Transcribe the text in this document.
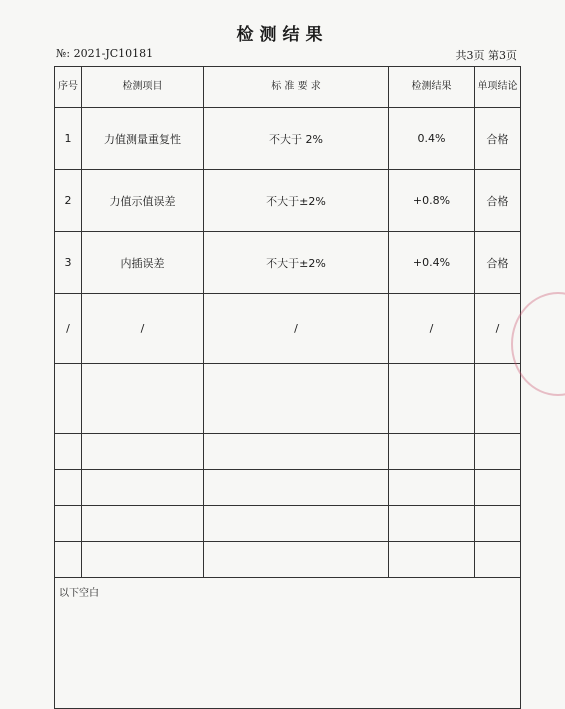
检测结果
№: 2021-JC10181	共3页 第3页
序号	检测项目	标 准 要 求	检测结果	单项结论
1	力值测量重复性	不大于 2%	0.4%	合格
2	力值示值误差	不大于±2%	+0.8%	合格
3	内插误差	不大于±2%	+0.4%	合格
/	/	/	/	/

以下空白				
